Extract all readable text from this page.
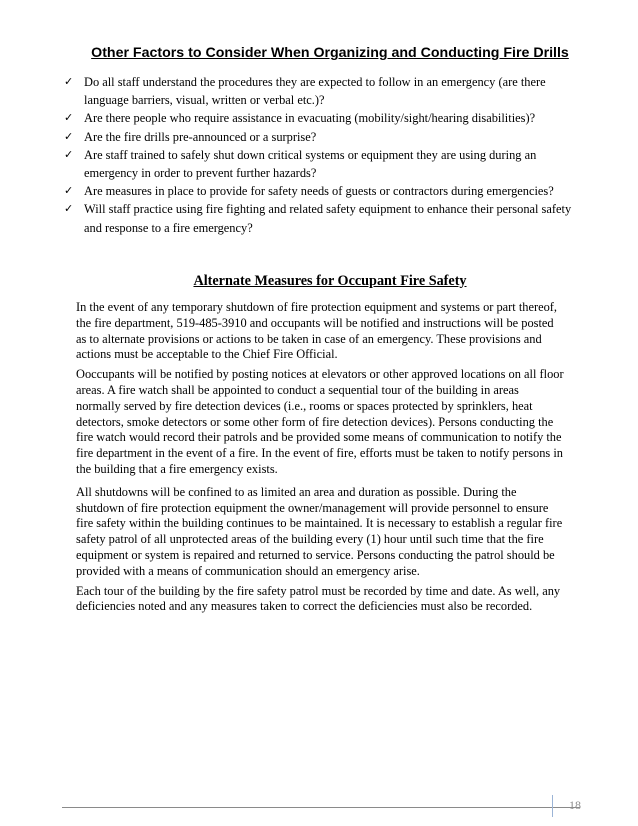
Other Factors to Consider When Organizing and Conducting Fire Drills
✓ Do all staff understand the procedures they are expected to follow in an emergency (are there language barriers, visual, written or verbal etc.)?
✓ Are there people who require assistance in evacuating (mobility/sight/hearing disabilities)?
✓ Are the fire drills pre-announced or a surprise?
✓ Are staff trained to safely shut down critical systems or equipment they are using during an emergency in order to prevent further hazards?
✓ Are measures in place to provide for safety needs of guests or contractors during emergencies?
✓ Will staff practice using fire fighting and related safety equipment to enhance their personal safety and response to a fire emergency?
Alternate Measures for Occupant Fire Safety

In the event of any temporary shutdown of fire protection equipment and systems or part thereof, the fire department, 519-485-3910 and occupants will be notified and instructions will be posted as to alternate provisions or actions to be taken in case of an emergency. These provisions and actions must be acceptable to the Chief Fire Official.

Ooccupants will be notified by posting notices at elevators or other approved locations on all floor areas. A fire watch shall be appointed to conduct a sequential tour of the building in areas normally served by fire detection devices (i.e., rooms or spaces protected by sprinklers, heat detectors, smoke detectors or some other form of fire detection devices). Persons conducting the fire watch would record their patrols and be provided some means of communication to notify the fire department in the event of a fire. In the event of fire, efforts must be taken to notify persons in the building that a fire emergency exists.

All shutdowns will be confined to as limited an area and duration as possible. During the shutdown of fire protection equipment the owner/management will provide personnel to ensure fire safety within the building continues to be maintained. It is necessary to establish a regular fire safety patrol of all unprotected areas of the building every (1) hour until such time that the fire equipment or system is repaired and returned to service. Persons conducting the patrol should be provided with a means of communication should an emergency arise.

Each tour of the building by the fire safety patrol must be recorded by time and date. As well, any deficiencies noted and any measures taken to correct the deficiencies must also be recorded.

18
